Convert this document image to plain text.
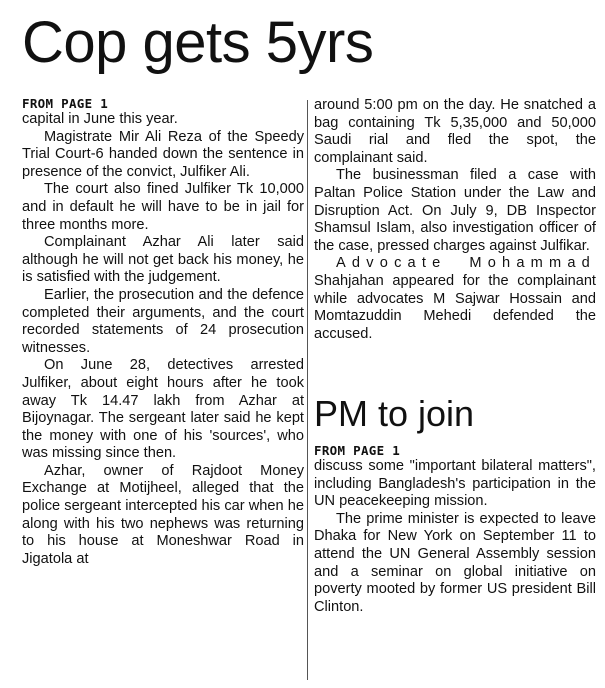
Cop gets 5yrs
FROM PAGE 1

capital in June this year.

Magistrate Mir Ali Reza of the Speedy Trial Court-6 handed down the sentence in presence of the convict, Julfiker Ali.

The court also fined Julfiker Tk 10,000 and in default he will have to be in jail for three months more.

Complainant Azhar Ali later said although he will not get back his money, he is satisfied with the judgement.

Earlier, the prosecution and the defence completed their arguments, and the court recorded statements of 24 prosecution witnesses.

On June 28, detectives arrested Julfiker, about eight hours after he took away Tk 14.47 lakh from Azhar at Bijoynagar. The sergeant later said he kept the money with one of his 'sources', who was missing since then.

Azhar, owner of Rajdoot Money Exchange at Motijheel, alleged that the police sergeant intercepted his car when he along with his two nephews was returning to his house at Moneshwar Road in Jigatola at

around 5:00 pm on the day. He snatched a bag containing Tk 5,35,000 and 50,000 Saudi rial and fled the spot, the complainant said.

The businessman filed a case with Paltan Police Station under the Law and Disruption Act. On July 9, DB Inspector Shamsul Islam, also investigation officer of the case, pressed charges against Julfikar.

Advocate Mohammad Shahjahan appeared for the complainant while advocates M Sajwar Hossain and Momtazuddin Mehedi defended the accused.

PM to join
FROM PAGE 1

discuss some "important bilateral matters", including Bangladesh's participation in the UN peacekeeping mission.

The prime minister is expected to leave Dhaka for New York on September 11 to attend the UN General Assembly session and a seminar on global initiative on poverty mooted by former US president Bill Clinton.
